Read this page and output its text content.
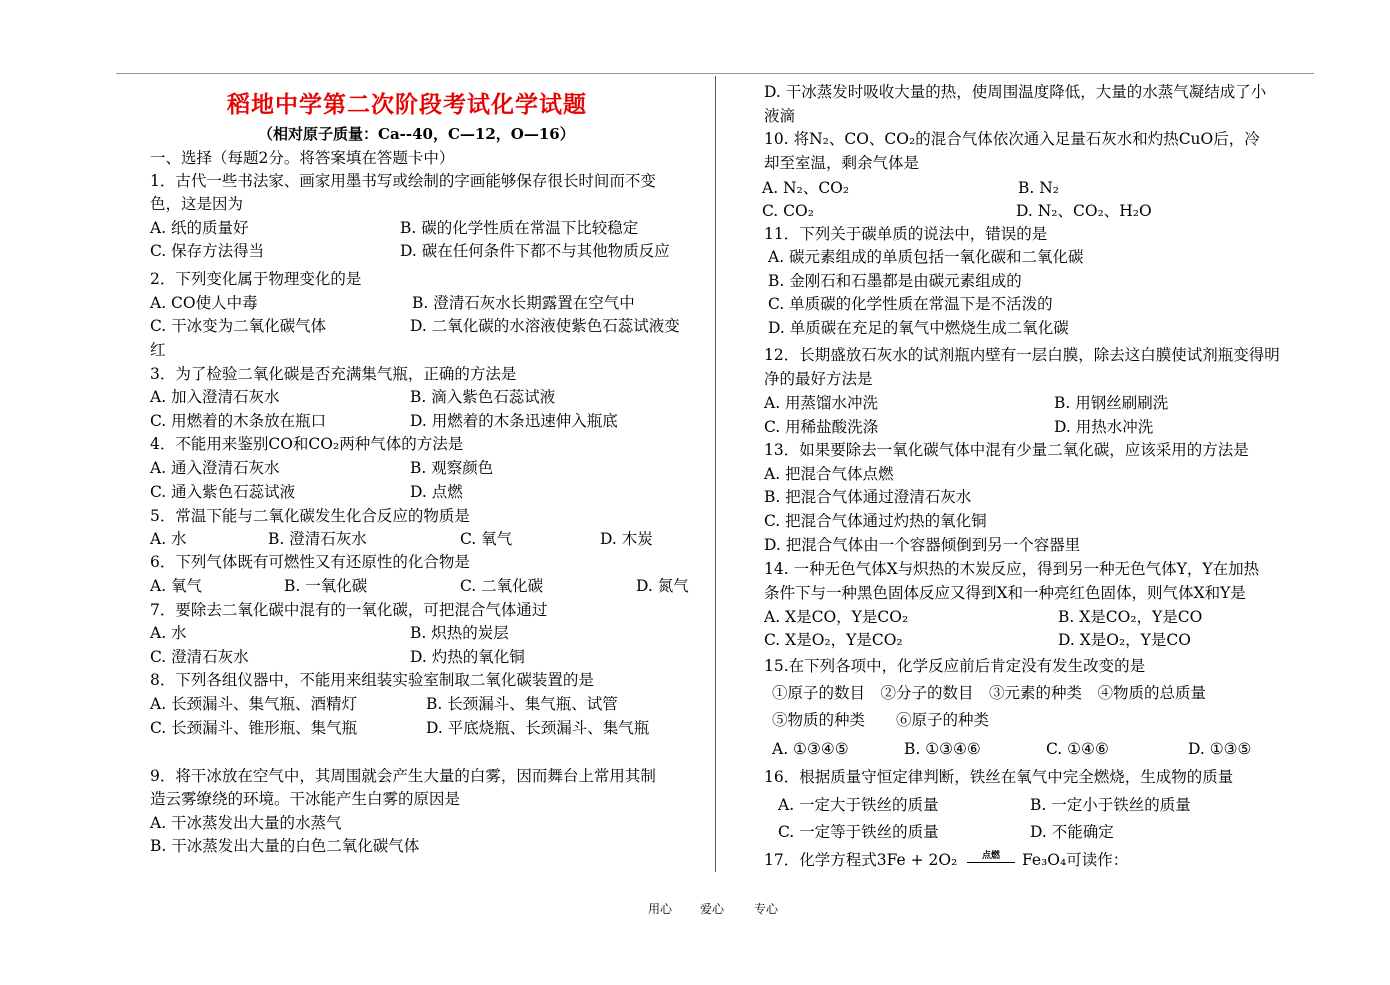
稻地中学第二次阶段考试化学试题
（相对原子质量：Ca--40，C—12，O—16）
一、选择（每题2分。将答案填在答题卡中）
1．古代一些书法家、画家用墨书写或绘制的字画能够保存很长时间而不变
色，这是因为
A. 纸的质量好	B. 碳的化学性质在常温下比较稳定
C. 保存方法得当	D. 碳在任何条件下都不与其他物质反应
2．下列变化属于物理变化的是
A. CO使人中毒	B. 澄清石灰水长期露置在空气中
C. 干冰变为二氧化碳气体	D. 二氧化碳的水溶液使紫色石蕊试液变
红
3．为了检验二氧化碳是否充满集气瓶，正确的方法是
A. 加入澄清石灰水	B. 滴入紫色石蕊试液
C. 用燃着的木条放在瓶口	D. 用燃着的木条迅速伸入瓶底
4．不能用来鉴别CO和CO₂两种气体的方法是
A. 通入澄清石灰水	B. 观察颜色
C. 通入紫色石蕊试液	D. 点燃
5．常温下能与二氧化碳发生化合反应的物质是
A. 水	B. 澄清石灰水	C. 氧气	D. 木炭
6．下列气体既有可燃性又有还原性的化合物是
A. 氧气	B. 一氧化碳	C. 二氧化碳	D. 氮气
7．要除去二氧化碳中混有的一氧化碳，可把混合气体通过
A. 水	B. 炽热的炭层
C. 澄清石灰水	D. 灼热的氧化铜
8．下列各组仪器中，不能用来组装实验室制取二氧化碳装置的是
A. 长颈漏斗、集气瓶、酒精灯	B. 长颈漏斗、集气瓶、试管
C. 长颈漏斗、锥形瓶、集气瓶	D. 平底烧瓶、长颈漏斗、集气瓶
9．将干冰放在空气中，其周围就会产生大量的白雾，因而舞台上常用其制
造云雾缭绕的环境。干冰能产生白雾的原因是
A. 干冰蒸发出大量的水蒸气
B. 干冰蒸发出大量的白色二氧化碳气体
D. 干冰蒸发时吸收大量的热，使周围温度降低，大量的水蒸气凝结成了小
液滴
10. 将N₂、CO、CO₂的混合气体依次通入足量石灰水和灼热CuO后，冷
却至室温，剩余气体是
A. N₂、CO₂	B. N₂
C. CO₂	D. N₂、CO₂、H₂O
11．下列关于碳单质的说法中，错误的是
A. 碳元素组成的单质包括一氧化碳和二氧化碳
B. 金刚石和石墨都是由碳元素组成的
C. 单质碳的化学性质在常温下是不活泼的
D. 单质碳在充足的氧气中燃烧生成二氧化碳
12．长期盛放石灰水的试剂瓶内壁有一层白膜，除去这白膜使试剂瓶变得明
净的最好方法是
A. 用蒸馏水冲洗	B. 用钢丝刷刷洗
C. 用稀盐酸洗涤	D. 用热水冲洗
13．如果要除去一氧化碳气体中混有少量二氧化碳，应该采用的方法是
A. 把混合气体点燃
B. 把混合气体通过澄清石灰水
C. 把混合气体通过灼热的氧化铜
D. 把混合气体由一个容器倾倒到另一个容器里
14. 一种无色气体X与炽热的木炭反应，得到另一种无色气体Y，Y在加热
条件下与一种黑色固体反应又得到X和一种亮红色固体，则气体X和Y是
A. X是CO，Y是CO₂	B. X是CO₂，Y是CO
C. X是O₂，Y是CO₂	D. X是O₂，Y是CO
15.在下列各项中，化学反应前后肯定没有发生改变的是
①原子的数目　②分子的数目　③元素的种类　④物质的总质量
⑤物质的种类　　⑥原子的种类
A. ①③④⑤	B. ①③④⑥	C. ①④⑥	D. ①③⑤
16．根据质量守恒定律判断，铁丝在氧气中完全燃烧，生成物的质量
A. 一定大于铁丝的质量	B. 一定小于铁丝的质量
C. 一定等于铁丝的质量	D. 不能确定
17．化学方程式3Fe + 2O₂	Fe₃O₄可读作：
点燃
用心 爱心 专心
